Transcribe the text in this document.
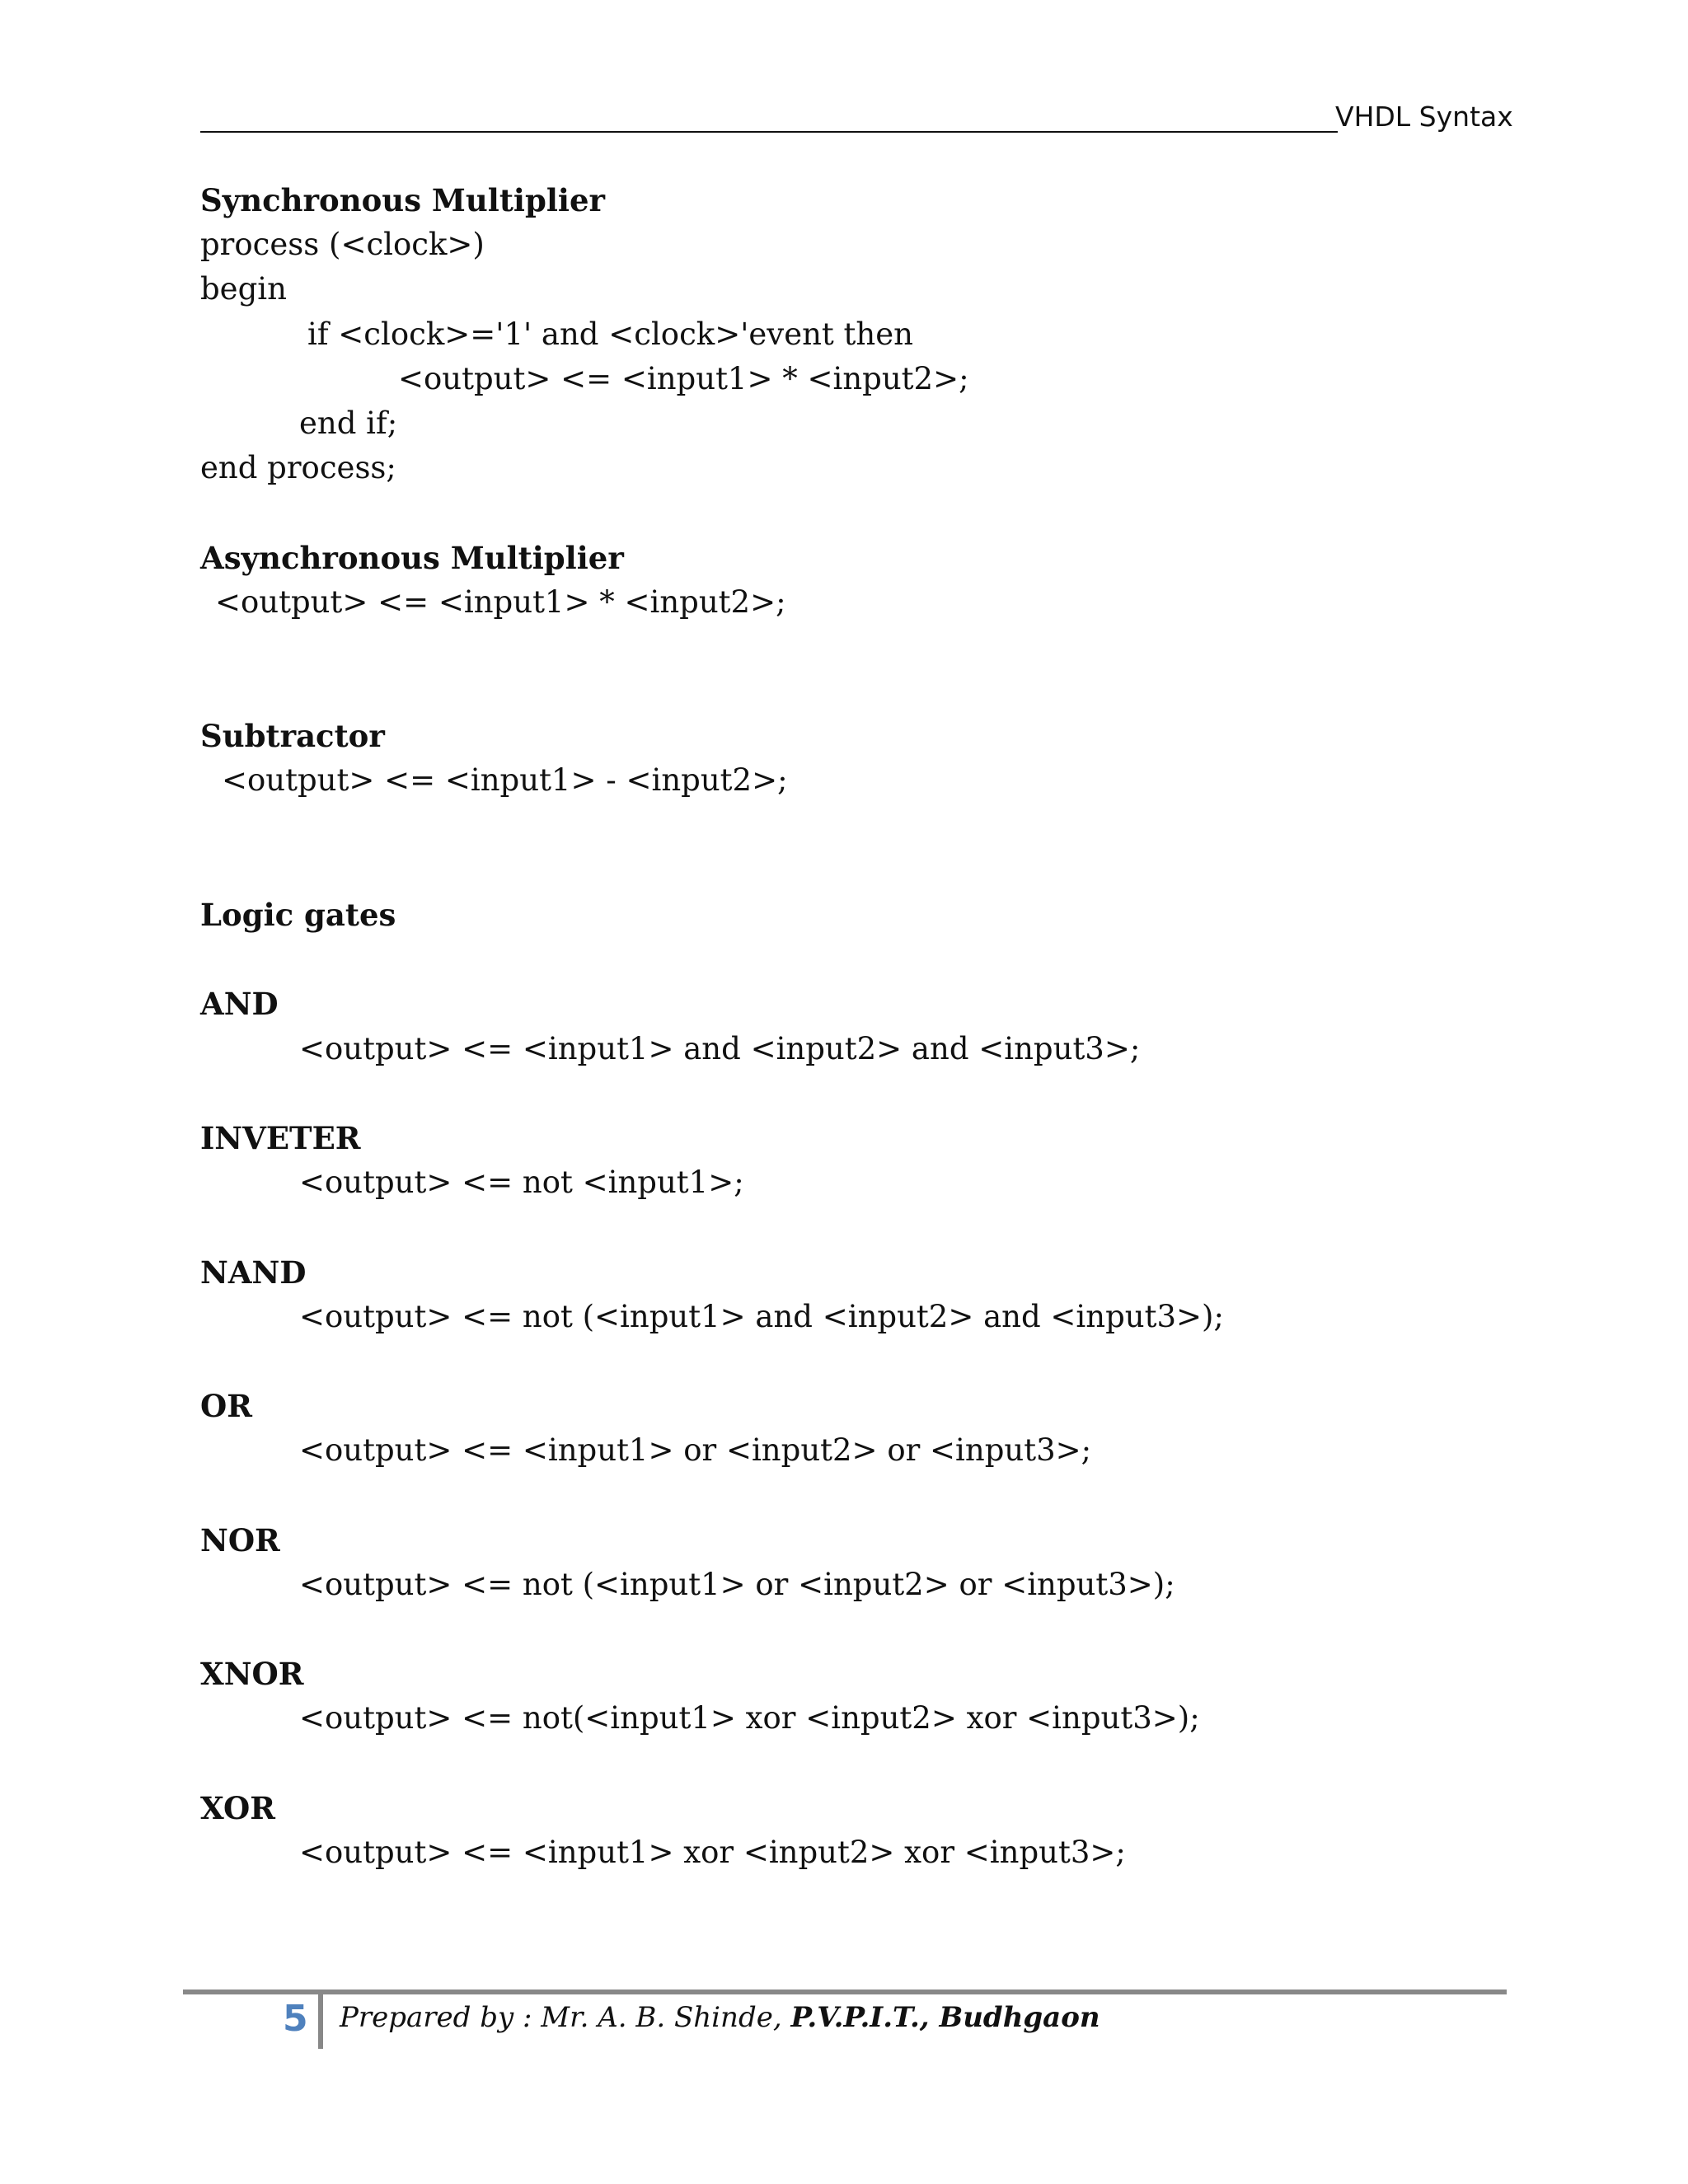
VHDL Syntax
Synchronous Multiplier
process (<clock>)
begin
if <clock>='1' and <clock>'event then
<output> <= <input1> * <input2>;
end if;
end process;
Asynchronous Multiplier
<output> <= <input1> * <input2>;
Subtractor
<output> <= <input1> - <input2>;
Logic gates
AND
<output> <= <input1> and <input2> and <input3>;
INVETER
<output> <= not <input1>;
NAND
<output> <= not (<input1> and <input2> and <input3>);
OR
<output> <= <input1> or <input2> or <input3>;
NOR
<output> <= not (<input1> or <input2> or <input3>);
XNOR
<output> <= not(<input1> xor <input2> xor <input3>);
XOR
<output> <= <input1> xor <input2> xor <input3>;
5 Prepared by : Mr. A. B. Shinde, P.V.P.I.T., Budhgaon
